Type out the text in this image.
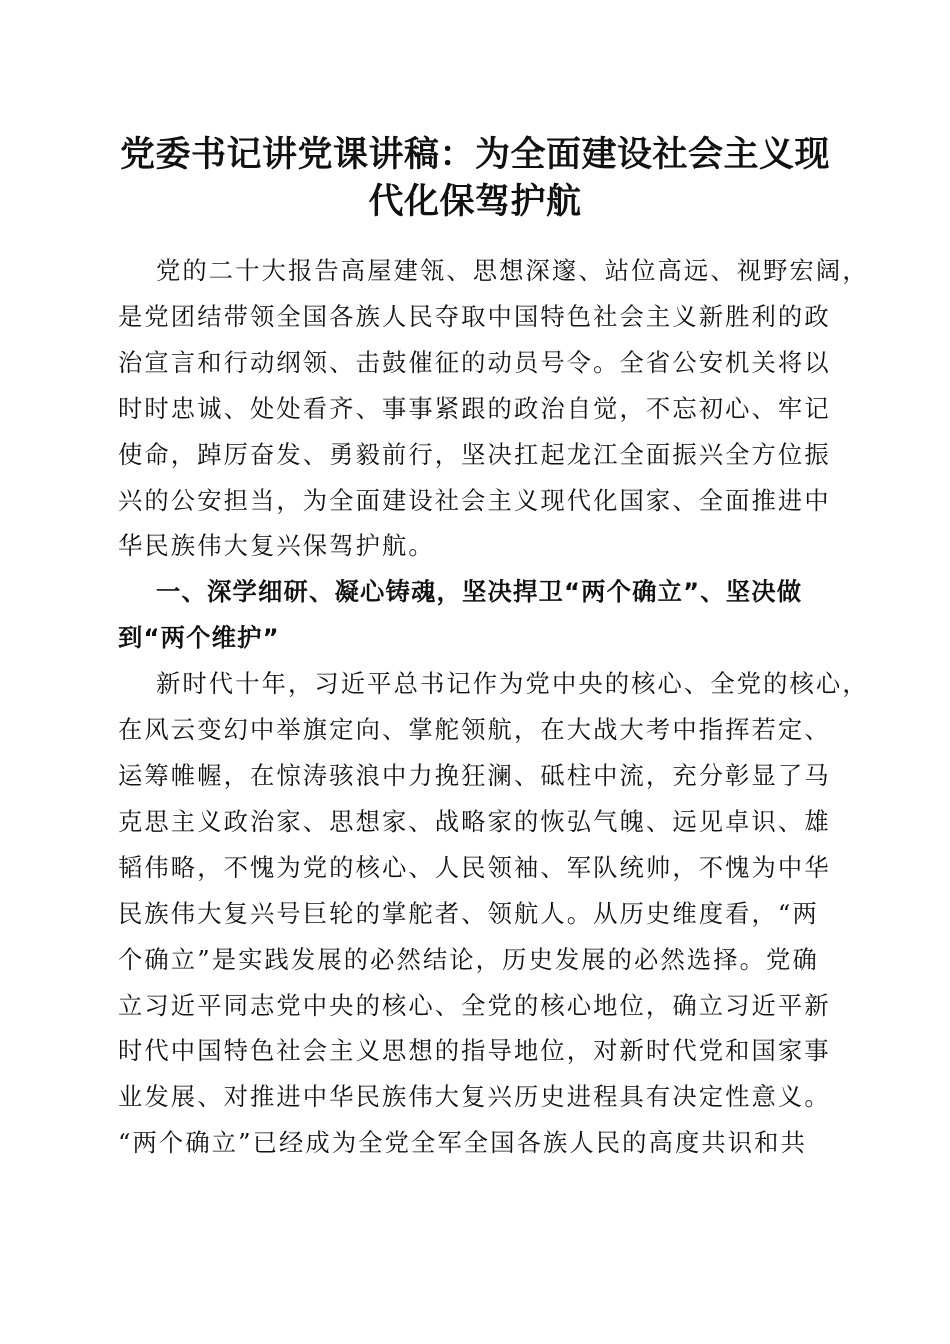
党委书记讲党课讲稿：为全面建设社会主义现
代化保驾护航

党的二十大报告高屋建瓴、思想深邃、站位高远、视野宏阔，
是党团结带领全国各族人民夺取中国特色社会主义新胜利的政
治宣言和行动纲领、击鼓催征的动员号令。全省公安机关将以
时时忠诚、处处看齐、事事紧跟的政治自觉，不忘初心、牢记
使命，踔厉奋发、勇毅前行，坚决扛起龙江全面振兴全方位振
兴的公安担当，为全面建设社会主义现代化国家、全面推进中
华民族伟大复兴保驾护航。

一、深学细研、凝心铸魂，坚决捍卫“两个确立”、坚决做
到“两个维护”

新时代十年，习近平总书记作为党中央的核心、全党的核心，
在风云变幻中举旗定向、掌舵领航，在大战大考中指挥若定、
运筹帷幄，在惊涛骇浪中力挽狂澜、砥柱中流，充分彰显了马
克思主义政治家、思想家、战略家的恢弘气魄、远见卓识、雄
韬伟略，不愧为党的核心、人民领袖、军队统帅，不愧为中华
民族伟大复兴号巨轮的掌舵者、领航人。从历史维度看，“两
个确立”是实践发展的必然结论，历史发展的必然选择。党确
立习近平同志党中央的核心、全党的核心地位，确立习近平新
时代中国特色社会主义思想的指导地位，对新时代党和国家事
业发展、对推进中华民族伟大复兴历史进程具有决定性意义。
“两个确立”已经成为全党全军全国各族人民的高度共识和共
